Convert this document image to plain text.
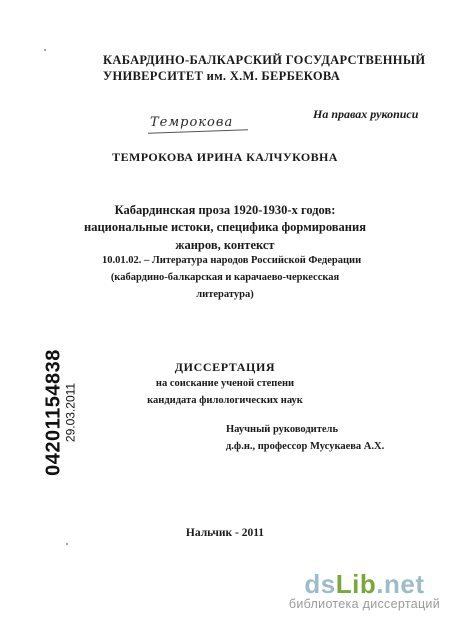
КАБАРДИНО-БАЛКАРСКИЙ ГОСУДАРСТВЕННЫЙ
УНИВЕРСИТЕТ им. Х.М. БЕРБЕКОВА
Темрокова
На правах рукописи
ТЕМРОКОВА ИРИНА КАЛЧУКОВНА
Кабардинская проза 1920-1930-х годов:
национальные истоки, специфика формирования
жанров, контекст
10.01.02. – Литература народов Российской Федерации
(кабардино-балкарская и карачаево-черкесская
литература)
ДИССЕРТАЦИЯ
на соискание ученой степени
кандидата филологических наук
Научный руководитель
д.ф.н., профессор Мусукаева А.Х.
Нальчик - 2011
04201154838 29.03.2011
dsLib.net
библиотека диссертаций
